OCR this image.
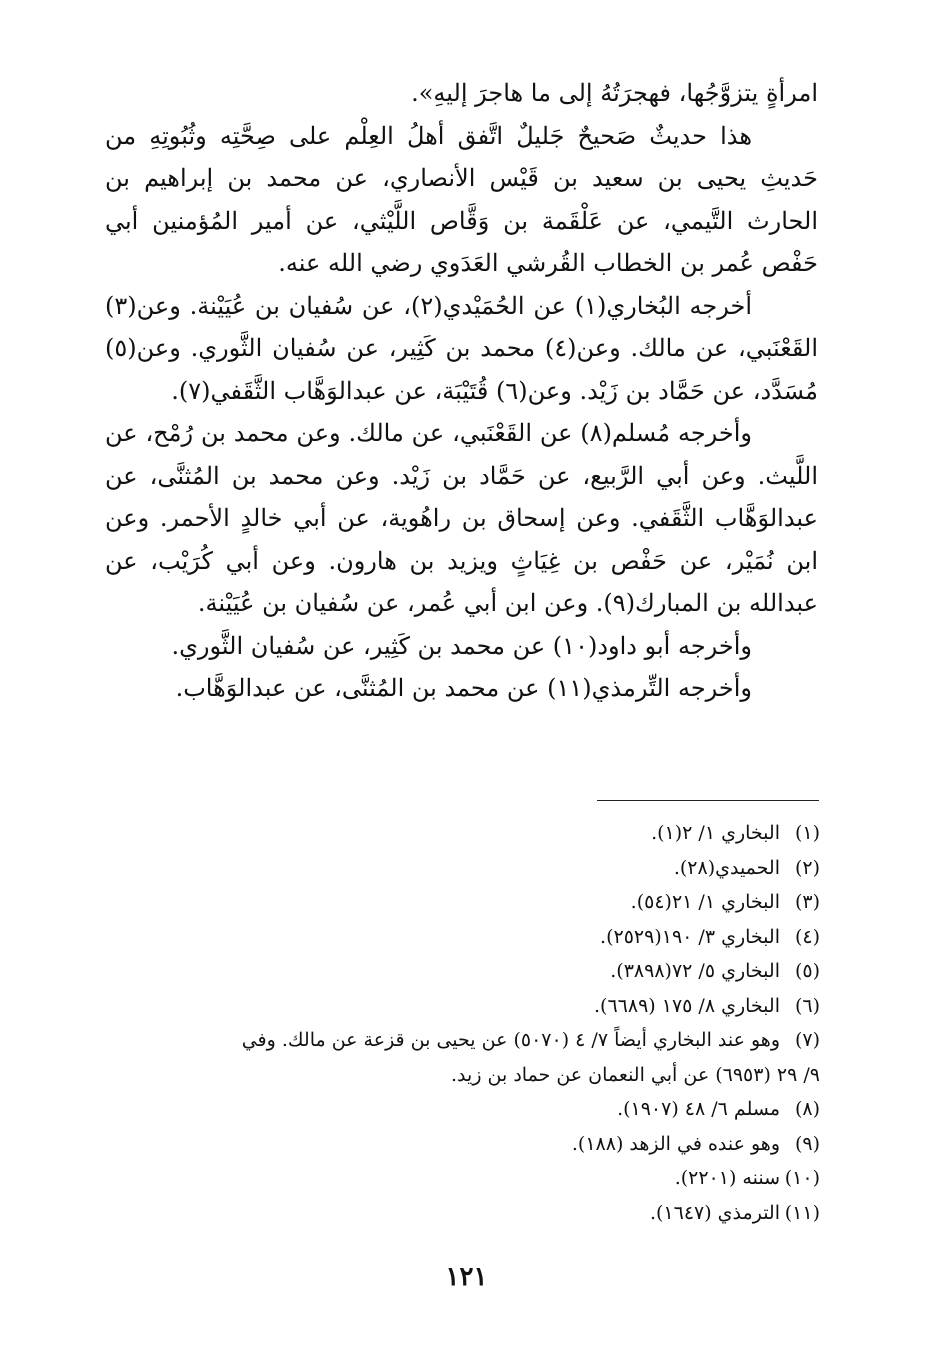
امرأةٍ يتزوَّجُها، فهجرَتُهُ إلى ما هاجرَ إليهِ».

هذا حديثٌ صَحيحٌ جَليلٌ اتَّفق أهلُ العِلْم على صِحَّتِه وثُبُوتِهِ من حَديثِ يحيى بن سعيد بن قَيْس الأنصاري، عن محمد بن إبراهيم بن الحارث التَّيمي، عن عَلْقَمة بن وَقَّاص اللَّيْثي، عن أمير المُؤمنين أبي حَفْص عُمر بن الخطاب القُرشي العَدَوي رضي الله عنه.

أخرجه البُخاري(١) عن الحُمَيْدي(٢)، عن سُفيان بن عُيَيْنة. وعن(٣) القَعْنَبي، عن مالك. وعن(٤) محمد بن كَثِير، عن سُفيان الثَّوري. وعن(٥) مُسَدَّد، عن حَمَّاد بن زَيْد. وعن(٦) قُتَيْبَة، عن عبدالوَهَّاب الثَّقَفي(٧).

وأخرجه مُسلم(٨) عن القَعْنَبي، عن مالك. وعن محمد بن رُمْح، عن اللَّيث. وعن أبي الرَّبيع، عن حَمَّاد بن زَيْد. وعن محمد بن المُثنَّى، عن عبدالوَهَّاب الثَّقَفي. وعن إسحاق بن راهُوية، عن أبي خالدٍ الأحمر. وعن ابن نُمَيْر، عن حَفْص بن غِيَاثٍ ويزيد بن هارون. وعن أبي كُرَيْب، عن عبدالله بن المبارك(٩). وعن ابن أبي عُمر، عن سُفيان بن عُيَيْنة.

وأخرجه أبو داود(١٠) عن محمد بن كَثِير، عن سُفيان الثَّوري.

وأخرجه التِّرمذي(١١) عن محمد بن المُثنَّى، عن عبدالوَهَّاب.

(١)
البخاري ١/ ٢(١).
(٢)
الحميدي(٢٨).
(٣)
البخاري ١/ ٢١(٥٤).
(٤)
البخاري ٣/ ١٩٠(٢٥٢٩).
(٥)
البخاري ٥/ ٧٢(٣٨٩٨).
(٦)
البخاري ٨/ ١٧٥ (٦٦٨٩).
(٧)
وهو عند البخاري أيضاً ٧/ ٤ (٥٠٧٠) عن يحيى بن قزعة عن مالك. وفي
٩/ ٢٩ (٦٩٥٣) عن أبي النعمان عن حماد بن زيد.
(٨)
مسلم ٦/ ٤٨ (١٩٠٧).
(٩)
وهو عنده في الزهد (١٨٨).
(١٠)
سننه (٢٢٠١).
(١١)
الترمذي (١٦٤٧).
١٢١
